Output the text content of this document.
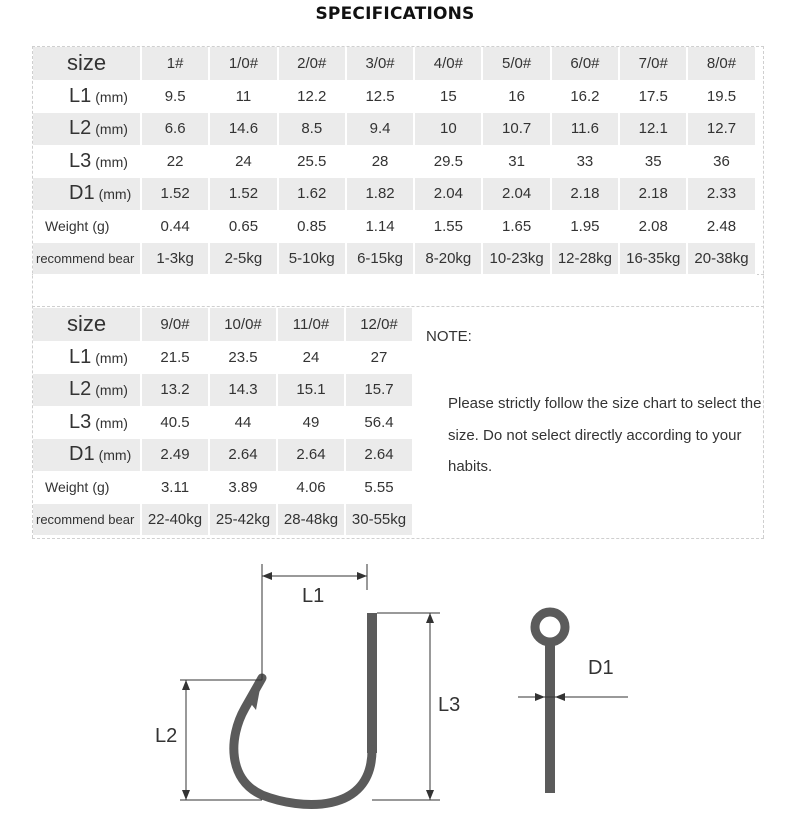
SPECIFICATIONS
size	1#	1/0#	2/0#	3/0#	4/0#	5/0#	6/0#	7/0#	8/0#
L1 (mm)	9.5	11	12.2	12.5	15	16	16.2	17.5	19.5
L2 (mm)	6.6	14.6	8.5	9.4	10	10.7	11.6	12.1	12.7
L3 (mm)	22	24	25.5	28	29.5	31	33	35	36
D1 (mm)	1.52	1.52	1.62	1.82	2.04	2.04	2.18	2.18	2.33
Weight (g)	0.44	0.65	0.85	1.14	1.55	1.65	1.95	2.08	2.48
recommend bear	1-3kg	2-5kg	5-10kg	6-15kg	8-20kg	10-23kg	12-28kg	16-35kg	20-38kg
size	9/0#	10/0#	11/0#	12/0#
L1 (mm)	21.5	23.5	24	27
L2 (mm)	13.2	14.3	15.1	15.7
L3 (mm)	40.5	44	49	56.4
D1 (mm)	2.49	2.64	2.64	2.64
Weight (g)	3.11	3.89	4.06	5.55
recommend bear	22-40kg	25-42kg	28-48kg	30-55kg
NOTE:
Please strictly follow the size chart to select the size. Do not select directly according to your habits.
L1
L3
L2
D1
